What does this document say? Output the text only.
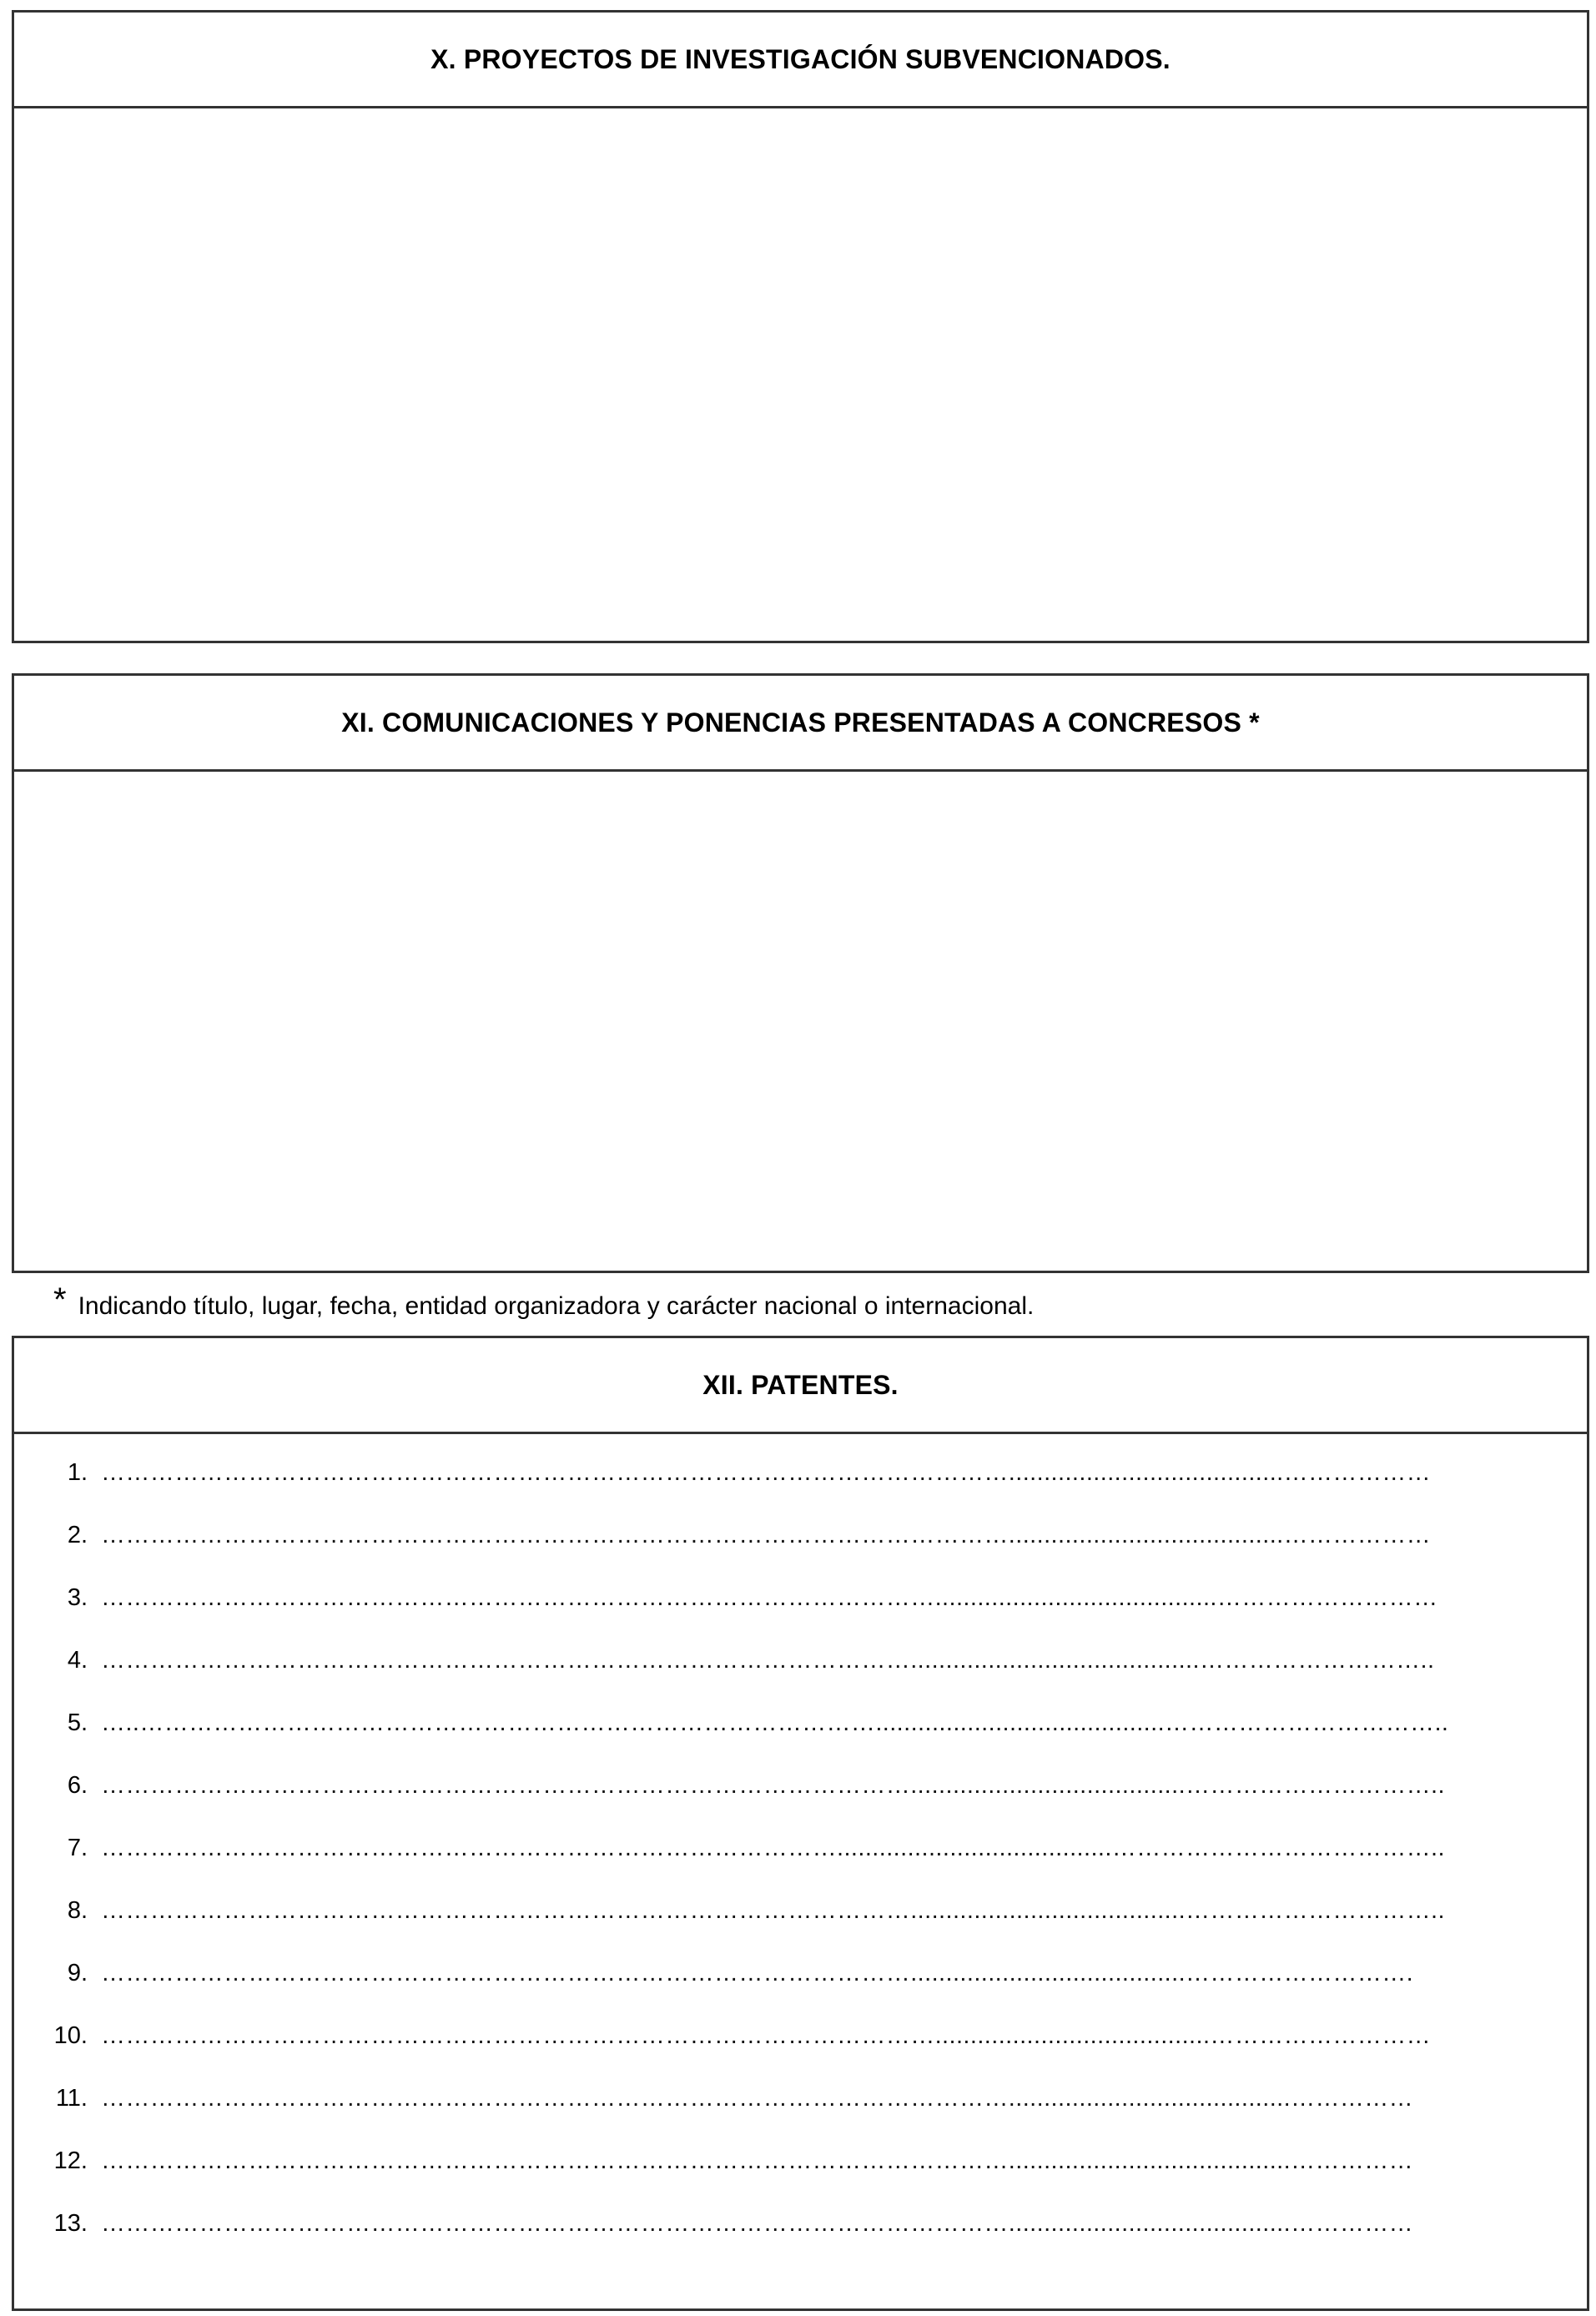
X. PROYECTOS DE INVESTIGACIÓN SUBVENCIONADOS.
XI. COMUNICACIONES Y PONENCIAS PRESENTADAS A CONCRESOS *
* Indicando título, lugar, fecha, entidad organizadora y carácter nacional o internacional.
XII. PATENTES.
1. ………………………………………………………………………………………………….......................................………………
2. ………………………………………………………………………………………………….......................................………………
3. …………………………………………………………………………………………........................................………………………
4. ……………………………………………………………………………………….........................................………………………..
5. …..……………………………………………………………………………….........................................……………………………..
6. ……………………………………………………………………………………….......................................…………………………..
7. ……………………………………………………………………………….......................................…………………………………..
8. ……………………………………………………………………………………….......................................…………………………..
9. ……………………………………………………………………………………….......................................……………………….
10. ………………………………………………………………………………………….......................................………………………
11. …………………………………………………………………………………………………........................................……………
12. …………………………………………………………………………………………………........................................……………
13. …………………………………………………………………………………………………........................................……………
